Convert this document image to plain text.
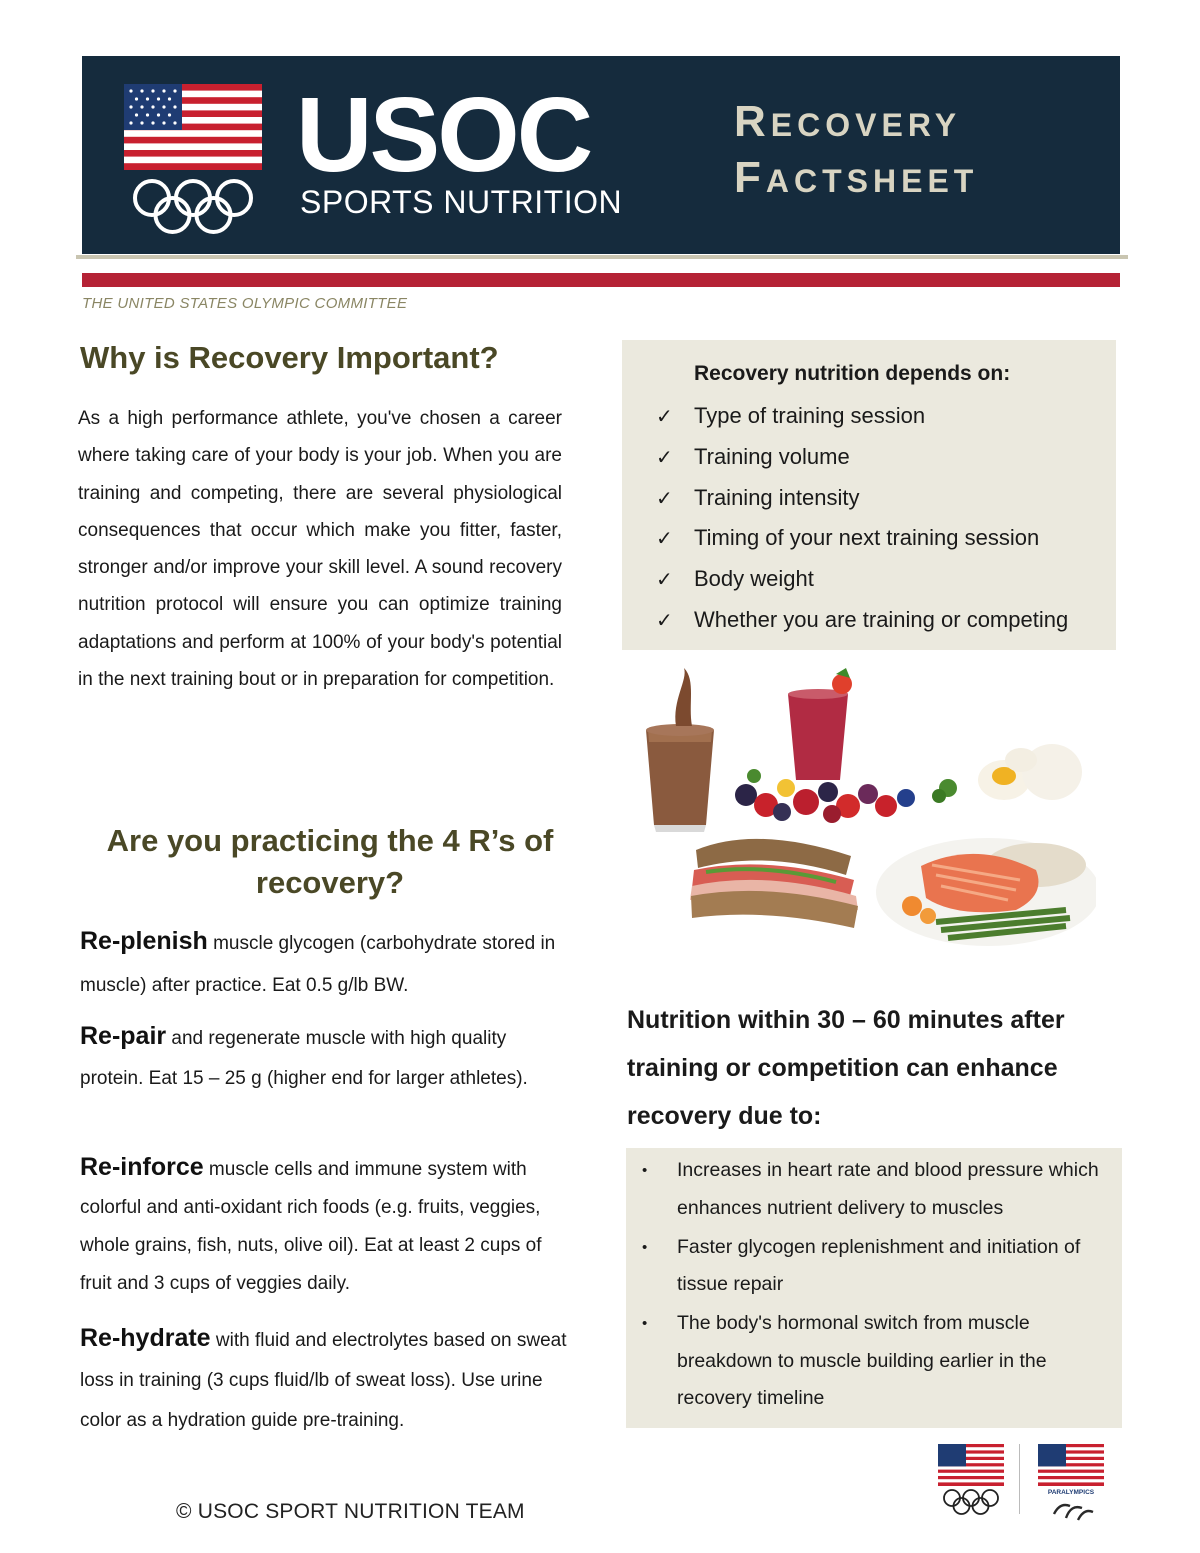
USOC
SPORTS NUTRITION
RECOVERY
FACTSHEET
THE UNITED STATES OLYMPIC COMMITTEE
Why is Recovery Important?
As a high performance athlete, you've chosen a career where taking care of your body is your job. When you are training and competing, there are several physiological consequences that occur which make you fitter, faster, stronger and/or improve your skill level. A sound recovery nutrition protocol will ensure you can optimize training adaptations and perform at 100% of your body's potential in the next training bout or in preparation for competition.
Are you practicing the 4 R’s of recovery?
Re-plenish muscle glycogen (carbohydrate stored in muscle) after practice. Eat 0.5 g/lb BW.
Re-pair and regenerate muscle with high quality protein. Eat 15 – 25 g (higher end for larger athletes).
Re-inforce muscle cells and immune system with colorful and anti-oxidant rich foods (e.g. fruits, veggies, whole grains, fish, nuts, olive oil). Eat at least 2 cups of fruit and 3 cups of veggies daily.
Re-hydrate with fluid and electrolytes based on sweat loss in training (3 cups fluid/lb of sweat loss). Use urine color as a hydration guide pre-training.
© USOC SPORT NUTRITION TEAM
Recovery nutrition depends on:
✓ Type of training session
✓ Training volume
✓ Training intensity
✓ Timing of your next training session
✓ Body weight
✓ Whether you are training or competing
Nutrition within 30 – 60 minutes after training or competition can enhance recovery due to:
• Increases in heart rate and blood pressure which enhances nutrient delivery to muscles
• Faster glycogen replenishment and initiation of tissue repair
• The body's hormonal switch from muscle breakdown to muscle building earlier in the recovery timeline
PARALYMPICS
